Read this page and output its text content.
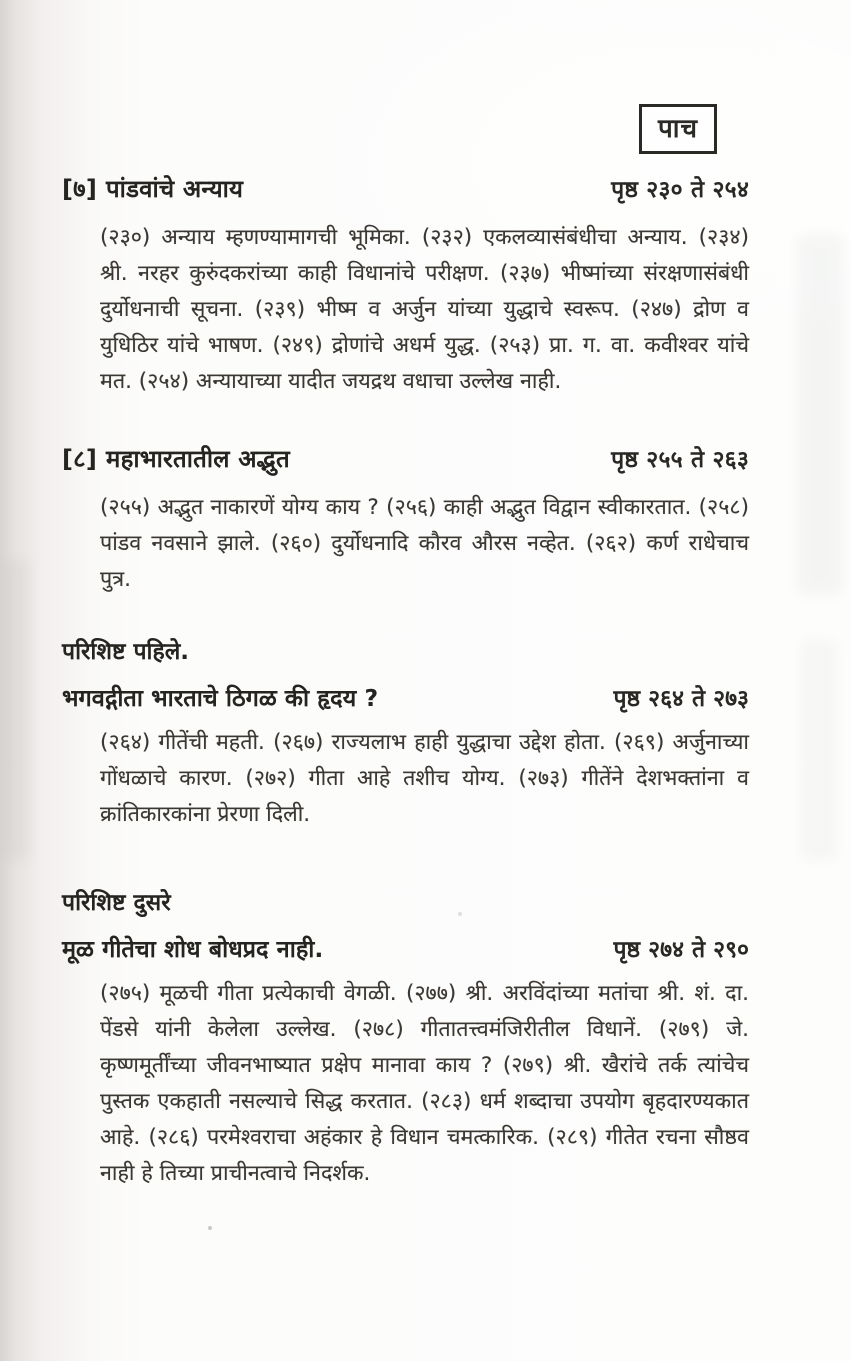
पाच
[७] पांडवांचे अन्याय	पृष्ठ २३० ते २५४

(२३०) अन्याय म्हणण्यामागची भूमिका. (२३२) एकलव्यासंबंधीचा अन्याय. (२३४) श्री. नरहर कुरुंदकरांच्या काही विधानांचे परीक्षण. (२३७) भीष्मांच्या संरक्षणासंबंधी दुर्योधनाची सूचना. (२३९) भीष्म व अर्जुन यांच्या युद्धाचे स्वरूप. (२४७) द्रोण व युधिठिर यांचे भाषण. (२४९) द्रोणांचे अधर्म युद्ध. (२५३) प्रा. ग. वा. कवीश्वर यांचे मत. (२५४) अन्यायाच्या यादीत जयद्रथ वधाचा उल्लेख नाही.

[८] महाभारतातील अद्भुत	पृष्ठ २५५ ते २६३

(२५५) अद्भुत नाकारणें योग्य काय ? (२५६) काही अद्भुत विद्वान स्वीकारतात. (२५८) पांडव नवसाने झाले. (२६०) दुर्योधनादि कौरव औरस नव्हेत. (२६२) कर्ण राधेचाच पुत्र.

परिशिष्ट पहिले.
भगवद्गीता भारताचे ठिगळ की हृदय ?	पृष्ठ २६४ ते २७३

(२६४) गीतेंची महती. (२६७) राज्यलाभ हाही युद्धाचा उद्देश होता. (२६९) अर्जुनाच्या गोंधळाचे कारण. (२७२) गीता आहे तशीच योग्य. (२७३) गीतेंने देशभक्तांना व क्रांतिकारकांना प्रेरणा दिली.

परिशिष्ट दुसरे
मूळ गीतेचा शोध बोधप्रद नाही.	पृष्ठ २७४ ते २९०

(२७५) मूळची गीता प्रत्येकाची वेगळी. (२७७) श्री. अरविंदांच्या मतांचा श्री. शं. दा. पेंडसे यांनी केलेला उल्लेख. (२७८) गीतातत्त्वमंजिरीतील विधानें. (२७९) जे. कृष्णमूर्तींच्या जीवनभाष्यात प्रक्षेप मानावा काय ? (२७९) श्री. खैरांचे तर्क त्यांचेच पुस्तक एकहाती नसल्याचे सिद्ध करतात. (२८३) धर्म शब्दाचा उपयोग बृहदारण्यकात आहे. (२८६) परमेश्वराचा अहंकार हे विधान चमत्कारिक. (२८९) गीतेत रचना सौष्ठव नाही हे तिच्या प्राचीनत्वाचे निदर्शक.
